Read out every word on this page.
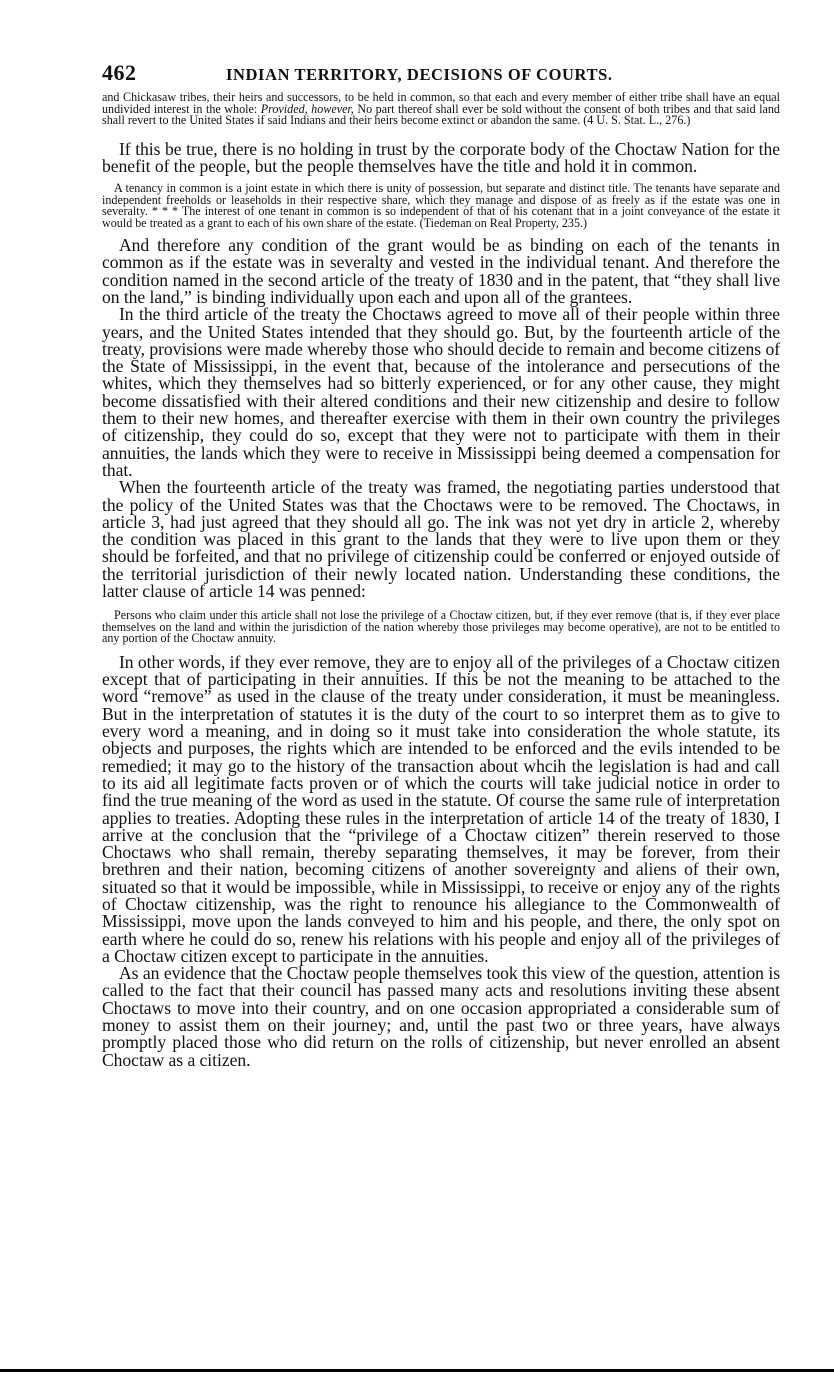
462	INDIAN TERRITORY, DECISIONS OF COURTS.

and Chickasaw tribes, their heirs and successors, to be held in common, so that each and every member of either tribe shall have an equal undivided interest in the whole: Provided, however, No part thereof shall ever be sold without the consent of both tribes and that said land shall revert to the United States if said Indians and their heirs become extinct or abandon the same. (4 U. S. Stat. L., 276.)

If this be true, there is no holding in trust by the corporate body of the Choctaw Nation for the benefit of the people, but the people themselves have the title and hold it in common.

A tenancy in common is a joint estate in which there is unity of possession, but separate and distinct title. The tenants have separate and independent freeholds or leaseholds in their respective share, which they manage and dispose of as freely as if the estate was one in severalty. * * * The interest of one tenant in common is so independent of that of his cotenant that in a joint conveyance of the estate it would be treated as a grant to each of his own share of the estate. (Tiedeman on Real Property, 235.)

And therefore any condition of the grant would be as binding on each of the tenants in common as if the estate was in severalty and vested in the individual tenant. And therefore the condition named in the second article of the treaty of 1830 and in the patent, that “they shall live on the land,” is binding individually upon each and upon all of the grantees.

In the third article of the treaty the Choctaws agreed to move all of their people within three years, and the United States intended that they should go. But, by the fourteenth article of the treaty, provisions were made whereby those who should decide to remain and become citizens of the State of Mississippi, in the event that, because of the intolerance and persecutions of the whites, which they themselves had so bitterly experienced, or for any other cause, they might become dissatisfied with their altered conditions and their new citizenship and desire to follow them to their new homes, and thereafter exercise with them in their own country the privileges of citizenship, they could do so, except that they were not to participate with them in their annuities, the lands which they were to receive in Mississippi being deemed a compensation for that.

When the fourteenth article of the treaty was framed, the negotiating parties understood that the policy of the United States was that the Choctaws were to be removed. The Choctaws, in article 3, had just agreed that they should all go. The ink was not yet dry in article 2, whereby the condition was placed in this grant to the lands that they were to live upon them or they should be forfeited, and that no privilege of citizenship could be conferred or enjoyed outside of the territorial jurisdiction of their newly located nation. Understanding these conditions, the latter clause of article 14 was penned:

Persons who claim under this article shall not lose the privilege of a Choctaw citizen, but, if they ever remove (that is, if they ever place themselves on the land and within the jurisdiction of the nation whereby those privileges may become operative), are not to be entitled to any portion of the Choctaw annuity.

In other words, if they ever remove, they are to enjoy all of the privileges of a Choctaw citizen except that of participating in their annuities. If this be not the meaning to be attached to the word “remove” as used in the clause of the treaty under consideration, it must be meaningless. But in the interpretation of statutes it is the duty of the court to so interpret them as to give to every word a meaning, and in doing so it must take into consideration the whole statute, its objects and purposes, the rights which are intended to be enforced and the evils intended to be remedied; it may go to the history of the transaction about whcih the legislation is had and call to its aid all legitimate facts proven or of which the courts will take judicial notice in order to find the true meaning of the word as used in the statute. Of course the same rule of interpretation applies to treaties. Adopting these rules in the interpretation of article 14 of the treaty of 1830, I arrive at the conclusion that the “privilege of a Choctaw citizen” therein reserved to those Choctaws who shall remain, thereby separating themselves, it may be forever, from their brethren and their nation, becoming citizens of another sovereignty and aliens of their own, situated so that it would be impossible, while in Mississippi, to receive or enjoy any of the rights of Choctaw citizenship, was the right to renounce his allegiance to the Commonwealth of Mississippi, move upon the lands conveyed to him and his people, and there, the only spot on earth where he could do so, renew his relations with his people and enjoy all of the privileges of a Choctaw citizen except to participate in the annuities.

As an evidence that the Choctaw people themselves took this view of the question, attention is called to the fact that their council has passed many acts and resolutions inviting these absent Choctaws to move into their country, and on one occasion appropriated a considerable sum of money to assist them on their journey; and, until the past two or three years, have always promptly placed those who did return on the rolls of citizenship, but never enrolled an absent Choctaw as a citizen.
